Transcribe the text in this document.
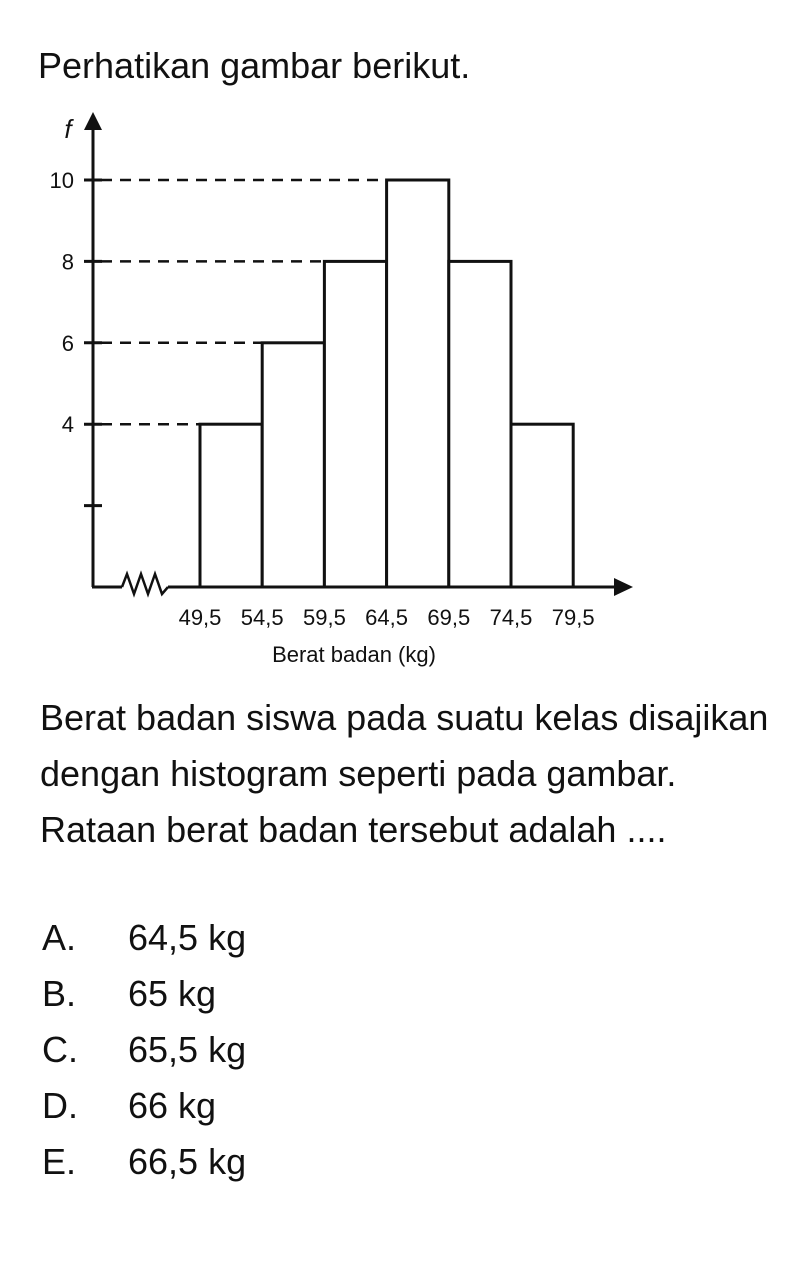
Perhatikan gambar berikut.

f
4
6
8
10
49,5 54,5 59,5 64,5 69,5 74,5 79,5
Berat badan (kg)

Berat badan siswa pada suatu kelas disajikan dengan histogram seperti pada gambar. Rataan berat badan tersebut adalah ....

A.	64,5 kg
B.	65 kg
C.	65,5 kg
D.	66 kg
E.	66,5 kg
